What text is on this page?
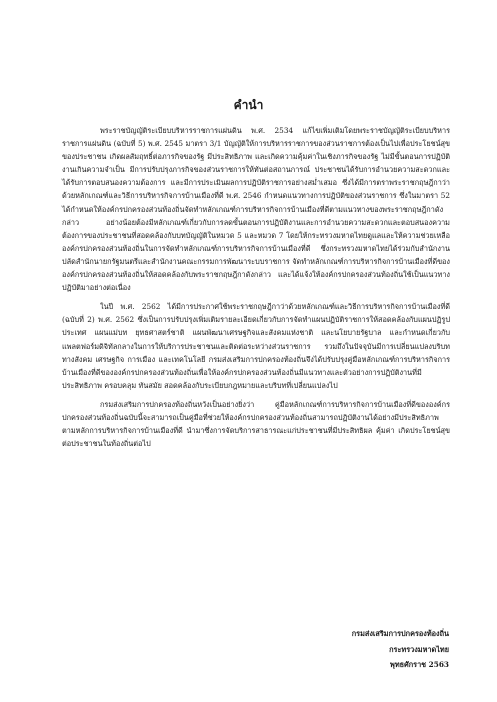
คำนำ

พระราชบัญญัติระเบียบบริหารราชการแผ่นดิน พ.ศ. 2534 แก้ไขเพิ่มเติมโดยพระราชบัญญัติระเบียบบริหารราชการแผ่นดิน (ฉบับที่ 5) พ.ศ. 2545 มาตรา 3/1 บัญญัติให้การบริหารราชการของส่วนราชการต้องเป็นไปเพื่อประโยชน์สุขของประชาชน เกิดผลสัมฤทธิ์ต่อภารกิจของรัฐ มีประสิทธิภาพ และเกิดความคุ้มค่าในเชิงภารกิจของรัฐ ไม่มีขั้นตอนการปฏิบัติงานเกินความจำเป็น มีการปรับปรุงภารกิจของส่วนราชการให้ทันต่อสถานการณ์ ประชาชนได้รับการอำนวยความสะดวกและได้รับการตอบสนองความต้องการ และมีการประเมินผลการปฏิบัติราชการอย่างสม่ำเสมอ ซึ่งได้มีการตราพระราชกฤษฎีกาว่าด้วยหลักเกณฑ์และวิธีการบริหารกิจการบ้านเมืองที่ดี พ.ศ. 2546 กำหนดแนวทางการปฏิบัติของส่วนราชการ ซึ่งในมาตรา 52 ได้กำหนดให้องค์กรปกครองส่วนท้องถิ่นจัดทำหลักเกณฑ์การบริหารกิจการบ้านเมืองที่ดีตามแนวทางของพระราชกฤษฎีกาดังกล่าว อย่างน้อยต้องมีหลักเกณฑ์เกี่ยวกับการลดขั้นตอนการปฏิบัติงานและการอำนวยความสะดวกและตอบสนองความต้องการของประชาชนที่สอดคล้องกับบทบัญญัติในหมวด 5 และหมวด 7 โดยให้กระทรวงมหาดไทยดูแลและให้ความช่วยเหลือองค์กรปกครองส่วนท้องถิ่นในการจัดทำหลักเกณฑ์การบริหารกิจการบ้านเมืองที่ดี ซึ่งกระทรวงมหาดไทยได้ร่วมกับสำนักงานปลัดสำนักนายกรัฐมนตรีและสำนักงานคณะกรรมการพัฒนาระบบราชการ จัดทำหลักเกณฑ์การบริหารกิจการบ้านเมืองที่ดีขององค์กรปกครองส่วนท้องถิ่นให้สอดคล้องกับพระราชกฤษฎีกาดังกล่าว และได้แจ้งให้องค์กรปกครองส่วนท้องถิ่นใช้เป็นแนวทางปฏิบัติมาอย่างต่อเนื่อง

ในปี พ.ศ. 2562 ได้มีการประกาศใช้พระราชกฤษฎีกาว่าด้วยหลักเกณฑ์และวิธีการบริหารกิจการบ้านเมืองที่ดี (ฉบับที่ 2) พ.ศ. 2562 ซึ่งเป็นการปรับปรุงเพิ่มเติมรายละเอียดเกี่ยวกับการจัดทำแผนปฏิบัติราชการให้สอดคล้องกับแผนปฏิรูปประเทศ แผนแม่บท ยุทธศาสตร์ชาติ แผนพัฒนาเศรษฐกิจและสังคมแห่งชาติ และนโยบายรัฐบาล และกำหนดเกี่ยวกับแพลตฟอร์มดิจิทัลกลางในการให้บริการประชาชนและติดต่อระหว่างส่วนราชการ รวมถึงในปัจจุบันมีการเปลี่ยนแปลงบริบททางสังคม เศรษฐกิจ การเมือง และเทคโนโลยี กรมส่งเสริมการปกครองท้องถิ่นจึงได้ปรับปรุงคู่มือหลักเกณฑ์การบริหารกิจการบ้านเมืองที่ดีขององค์กรปกครองส่วนท้องถิ่นเพื่อให้องค์กรปกครองส่วนท้องถิ่นมีแนวทางและตัวอย่างการปฏิบัติงานที่มีประสิทธิภาพ ครอบคลุม ทันสมัย สอดคล้องกับระเบียบกฎหมายและบริบทที่เปลี่ยนแปลงไป

กรมส่งเสริมการปกครองท้องถิ่นหวังเป็นอย่างยิ่งว่า คู่มือหลักเกณฑ์การบริหารกิจการบ้านเมืองที่ดีขององค์กรปกครองส่วนท้องถิ่นฉบับนี้จะสามารถเป็นคู่มือที่ช่วยให้องค์กรปกครองส่วนท้องถิ่นสามารถปฏิบัติงานได้อย่างมีประสิทธิภาพตามหลักการบริหารกิจการบ้านเมืองที่ดี นำมาซึ่งการจัดบริการสาธารณะแก่ประชาชนที่มีประสิทธิผล คุ้มค่า เกิดประโยชน์สุขต่อประชาชนในท้องถิ่นต่อไป

กรมส่งเสริมการปกครองท้องถิ่น
กระทรวงมหาดไทย
พุทธศักราช 2563
